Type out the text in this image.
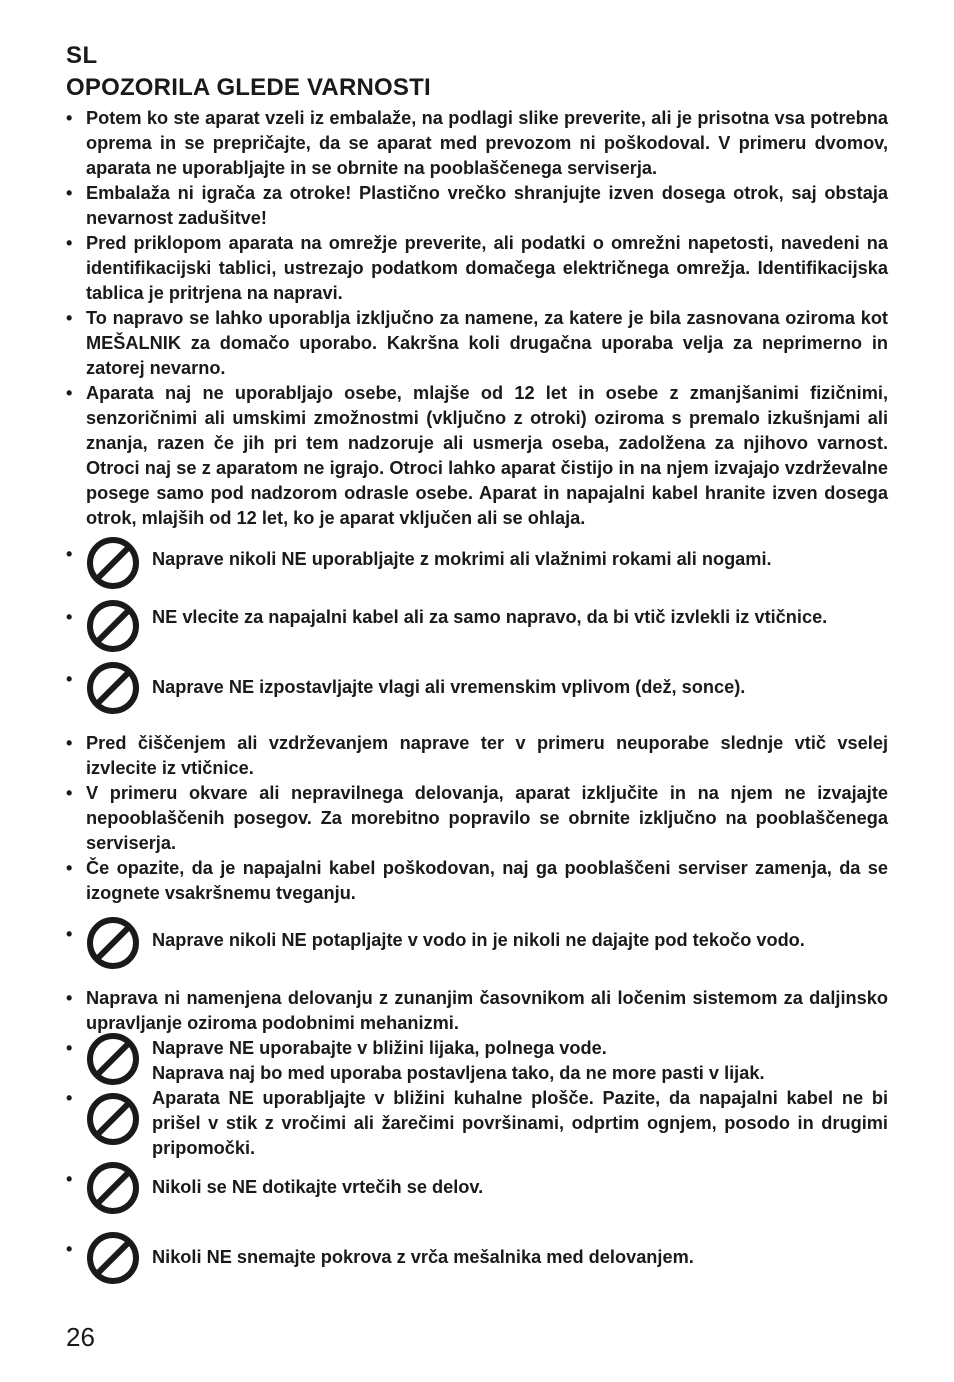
SL
OPOZORILA GLEDE VARNOSTI

• Potem ko ste aparat vzeli iz embalaže, na podlagi slike preverite, ali je prisotna vsa potrebna oprema in se prepričajte, da se aparat med prevozom ni poškodoval. V primeru dvomov, aparata ne uporabljajte in se obrnite na pooblaščenega serviserja.

• Embalaža ni igrača za otroke! Plastično vrečko shranjujte izven dosega otrok, saj obstaja nevarnost zadušitve!

• Pred priklopom aparata na omrežje preverite, ali podatki o omrežni napetosti, navedeni na identifikacijski tablici, ustrezajo podatkom domačega električnega omrežja. Identifikacijska tablica je pritrjena na napravi.

• To napravo se lahko uporablja izključno za namene, za katere je bila zasnovana oziroma kot MEŠALNIK za domačo uporabo. Kakršna koli drugačna uporaba velja za neprimerno in zatorej nevarno.

• Aparata naj ne uporabljajo osebe, mlajše od 12 let in osebe z zmanjšanimi fizičnimi, senzoričnimi ali umskimi zmožnostmi (vključno z otroki) oziroma s premalo izkušnjami ali znanja, razen če jih pri tem nadzoruje ali usmerja oseba, zadolžena za njihovo varnost. Otroci naj se z aparatom ne igrajo. Otroci lahko aparat čistijo in na njem izvajajo vzdrževalne posege samo pod nadzorom odrasle osebe. Aparat in napajalni kabel hranite izven dosega otrok, mlajših od 12 let, ko je aparat vključen ali se ohlaja.

• Naprave nikoli NE uporabljajte z mokrimi ali vlažnimi rokami ali nogami.

• NE vlecite za napajalni kabel ali za samo napravo, da bi vtič izvlekli iz vtičnice.

• Naprave NE izpostavljajte vlagi ali vremenskim vplivom (dež, sonce).

• Pred čiščenjem ali vzdrževanjem naprave ter v primeru neuporabe slednje vtič vselej izvlecite iz vtičnice.

• V primeru okvare ali nepravilnega delovanja, aparat izključite in na njem ne izvajajte nepooblaščenih posegov. Za morebitno popravilo se obrnite izključno na pooblaščenega serviserja.

• Če opazite, da je napajalni kabel poškodovan, naj ga pooblaščeni serviser zamenja, da se izognete vsakršnemu tveganju.

• Naprave nikoli NE potapljajte v vodo in je nikoli ne dajajte pod tekočo vodo.

• Naprava ni namenjena delovanju z zunanjim časovnikom ali ločenim sistemom za daljinsko upravljanje oziroma podobnimi mehanizmi.

• Naprave NE uporabajte v bližini lijaka, polnega vode.

Naprava naj bo med uporaba postavljena tako, da ne more pasti v lijak.

• Aparata NE uporabljajte v bližini kuhalne plošče. Pazite, da napajalni kabel ne bi prišel v stik z vročimi ali žarečimi površinami, odprtim ognjem, posodo in drugimi pripomočki.

• Nikoli se NE dotikajte vrtečih se delov.

• Nikoli NE snemajte pokrova z vrča mešalnika med delovanjem.

26
